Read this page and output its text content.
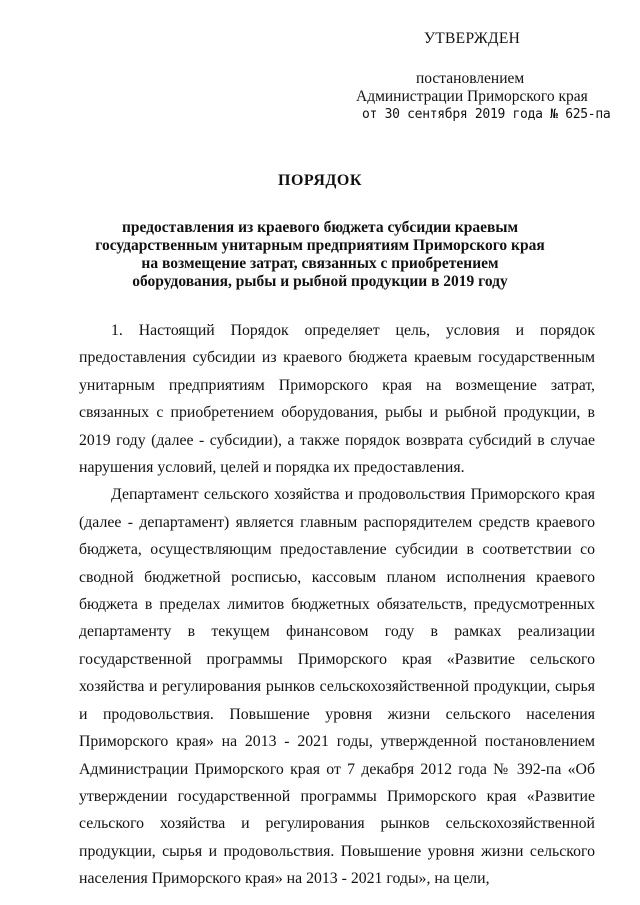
УТВЕРЖДЕН
постановлением
Администрации Приморского края
от 30 сентября 2019 года № 625-па
ПОРЯДОК
предоставления из краевого бюджета субсидии краевым государственным унитарным предприятиям Приморского края на возмещение затрат, связанных с приобретением оборудования, рыбы и рыбной продукции в 2019 году

1. Настоящий Порядок определяет цель, условия и порядок предоставления субсидии из краевого бюджета краевым государственным унитарным предприятиям Приморского края на возмещение затрат, связанных с приобретением оборудования, рыбы и рыбной продукции, в 2019 году (далее - субсидии), а также порядок возврата субсидий в случае нарушения условий, целей и порядка их предоставления.

Департамент сельского хозяйства и продовольствия Приморского края (далее - департамент) является главным распорядителем средств краевого бюджета, осуществляющим предоставление субсидии в соответствии со сводной бюджетной росписью, кассовым планом исполнения краевого бюджета в пределах лимитов бюджетных обязательств, предусмотренных департаменту в текущем финансовом году в рамках реализации государственной программы Приморского края «Развитие сельского хозяйства и регулирования рынков сельскохозяйственной продукции, сырья и продовольствия. Повышение уровня жизни сельского населения Приморского края» на 2013 - 2021 годы, утвержденной постановлением Администрации Приморского края от 7 декабря 2012 года № 392-па «Об утверждении государственной программы Приморского края «Развитие сельского хозяйства и регулирования рынков сельскохозяйственной продукции, сырья и продовольствия. Повышение уровня жизни сельского населения Приморского края» на 2013 - 2021 годы», на цели,
